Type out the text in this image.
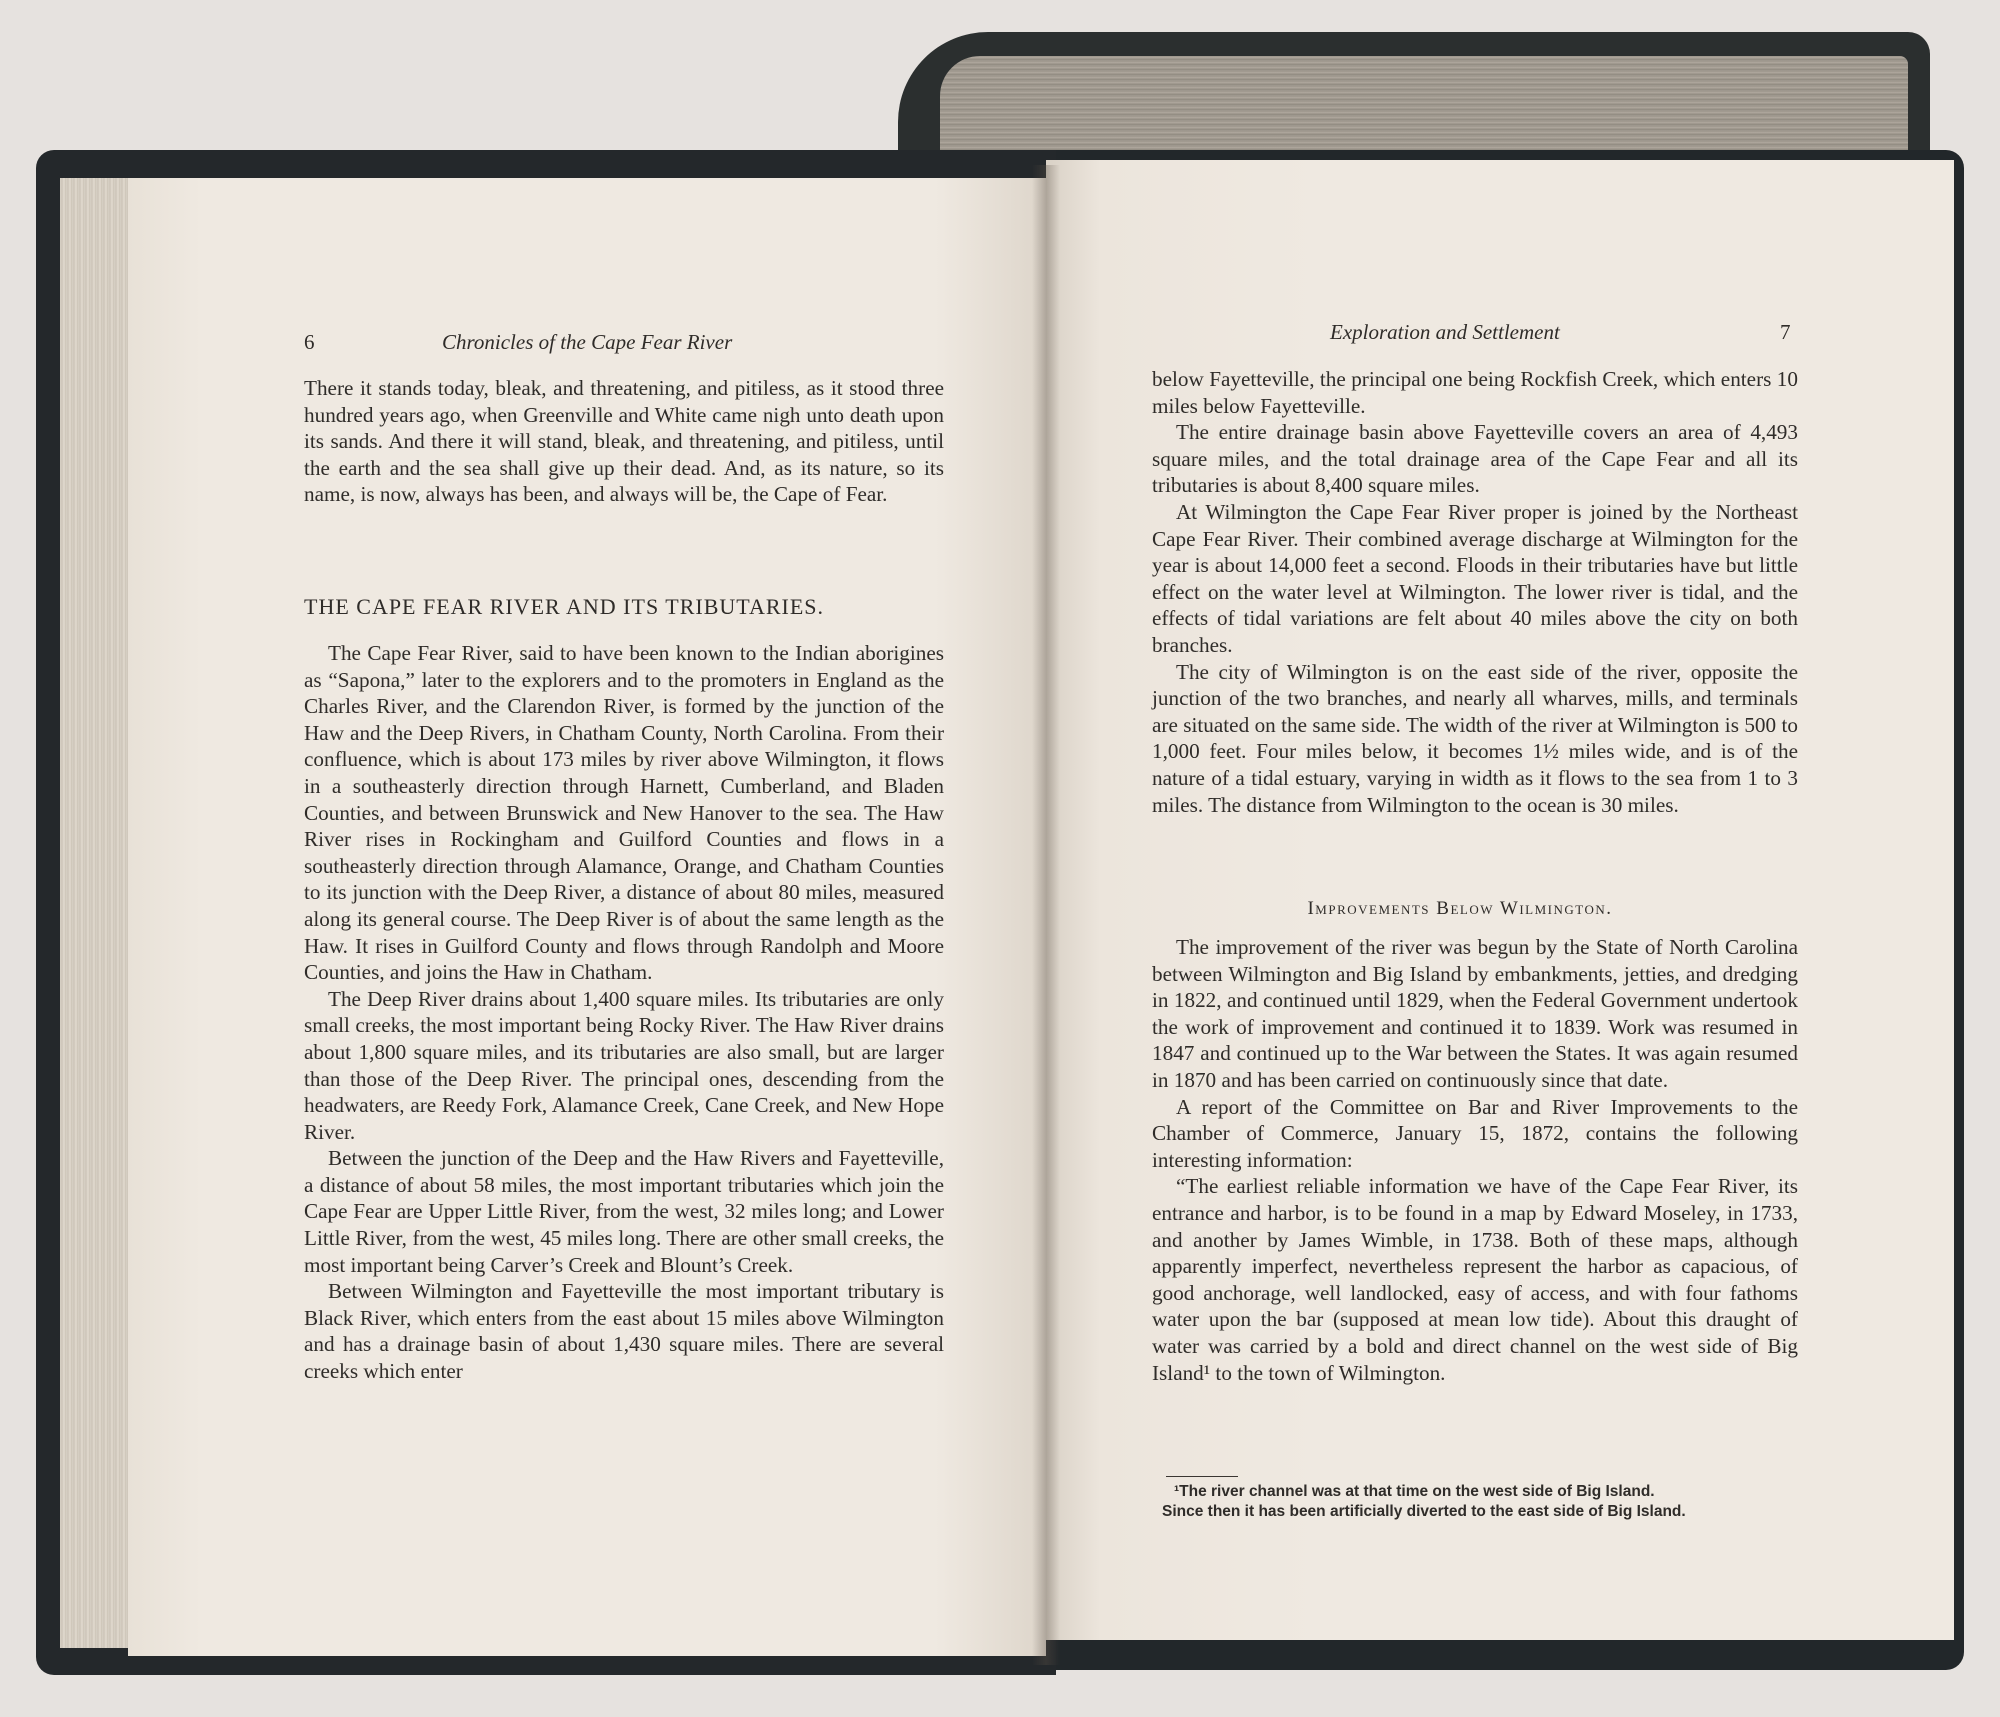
6	Chronicles of the Cape Fear River

There it stands today, bleak, and threatening, and pitiless, as it stood three hundred years ago, when Greenville and White came nigh unto death upon its sands. And there it will stand, bleak, and threatening, and pitiless, until the earth and the sea shall give up their dead. And, as its nature, so its name, is now, always has been, and always will be, the Cape of Fear.

THE CAPE FEAR RIVER AND ITS TRIBUTARIES.

The Cape Fear River, said to have been known to the Indian aborigines as “Sapona,” later to the explorers and to the promoters in England as the Charles River, and the Clarendon River, is formed by the junction of the Haw and the Deep Rivers, in Chatham County, North Carolina. From their confluence, which is about 173 miles by river above Wilmington, it flows in a southeasterly direction through Harnett, Cumberland, and Bladen Counties, and between Brunswick and New Hanover to the sea. The Haw River rises in Rockingham and Guilford Counties and flows in a southeasterly direction through Alamance, Orange, and Chatham Counties to its junction with the Deep River, a distance of about 80 miles, measured along its general course. The Deep River is of about the same length as the Haw. It rises in Guilford County and flows through Randolph and Moore Counties, and joins the Haw in Chatham.

The Deep River drains about 1,400 square miles. Its tributaries are only small creeks, the most important being Rocky River. The Haw River drains about 1,800 square miles, and its tributaries are also small, but are larger than those of the Deep River. The principal ones, descending from the headwaters, are Reedy Fork, Alamance Creek, Cane Creek, and New Hope River.

Between the junction of the Deep and the Haw Rivers and Fayetteville, a distance of about 58 miles, the most important tributaries which join the Cape Fear are Upper Little River, from the west, 32 miles long; and Lower Little River, from the west, 45 miles long. There are other small creeks, the most important being Carver’s Creek and Blount’s Creek.

Between Wilmington and Fayetteville the most important tributary is Black River, which enters from the east about 15 miles above Wilmington and has a drainage basin of about 1,430 square miles. There are several creeks which enter

Exploration and Settlement	7

below Fayetteville, the principal one being Rockfish Creek, which enters 10 miles below Fayetteville.

The entire drainage basin above Fayetteville covers an area of 4,493 square miles, and the total drainage area of the Cape Fear and all its tributaries is about 8,400 square miles.

At Wilmington the Cape Fear River proper is joined by the Northeast Cape Fear River. Their combined average discharge at Wilmington for the year is about 14,000 feet a second. Floods in their tributaries have but little effect on the water level at Wilmington. The lower river is tidal, and the effects of tidal variations are felt about 40 miles above the city on both branches.

The city of Wilmington is on the east side of the river, opposite the junction of the two branches, and nearly all wharves, mills, and terminals are situated on the same side. The width of the river at Wilmington is 500 to 1,000 feet. Four miles below, it becomes 1½ miles wide, and is of the nature of a tidal estuary, varying in width as it flows to the sea from 1 to 3 miles. The distance from Wilmington to the ocean is 30 miles.

Improvements Below Wilmington.

The improvement of the river was begun by the State of North Carolina between Wilmington and Big Island by embankments, jetties, and dredging in 1822, and continued until 1829, when the Federal Government undertook the work of improvement and continued it to 1839. Work was resumed in 1847 and continued up to the War between the States. It was again resumed in 1870 and has been carried on continuously since that date.

A report of the Committee on Bar and River Improvements to the Chamber of Commerce, January 15, 1872, contains the following interesting information:

“The earliest reliable information we have of the Cape Fear River, its entrance and harbor, is to be found in a map by Edward Moseley, in 1733, and another by James Wimble, in 1738. Both of these maps, although apparently imperfect, nevertheless represent the harbor as capacious, of good anchorage, well landlocked, easy of access, and with four fathoms water upon the bar (supposed at mean low tide). About this draught of water was carried by a bold and direct channel on the west side of Big Island¹ to the town of Wilmington.

¹The river channel was at that time on the west side of Big Island.
Since then it has been artificially diverted to the east side of Big Island.
